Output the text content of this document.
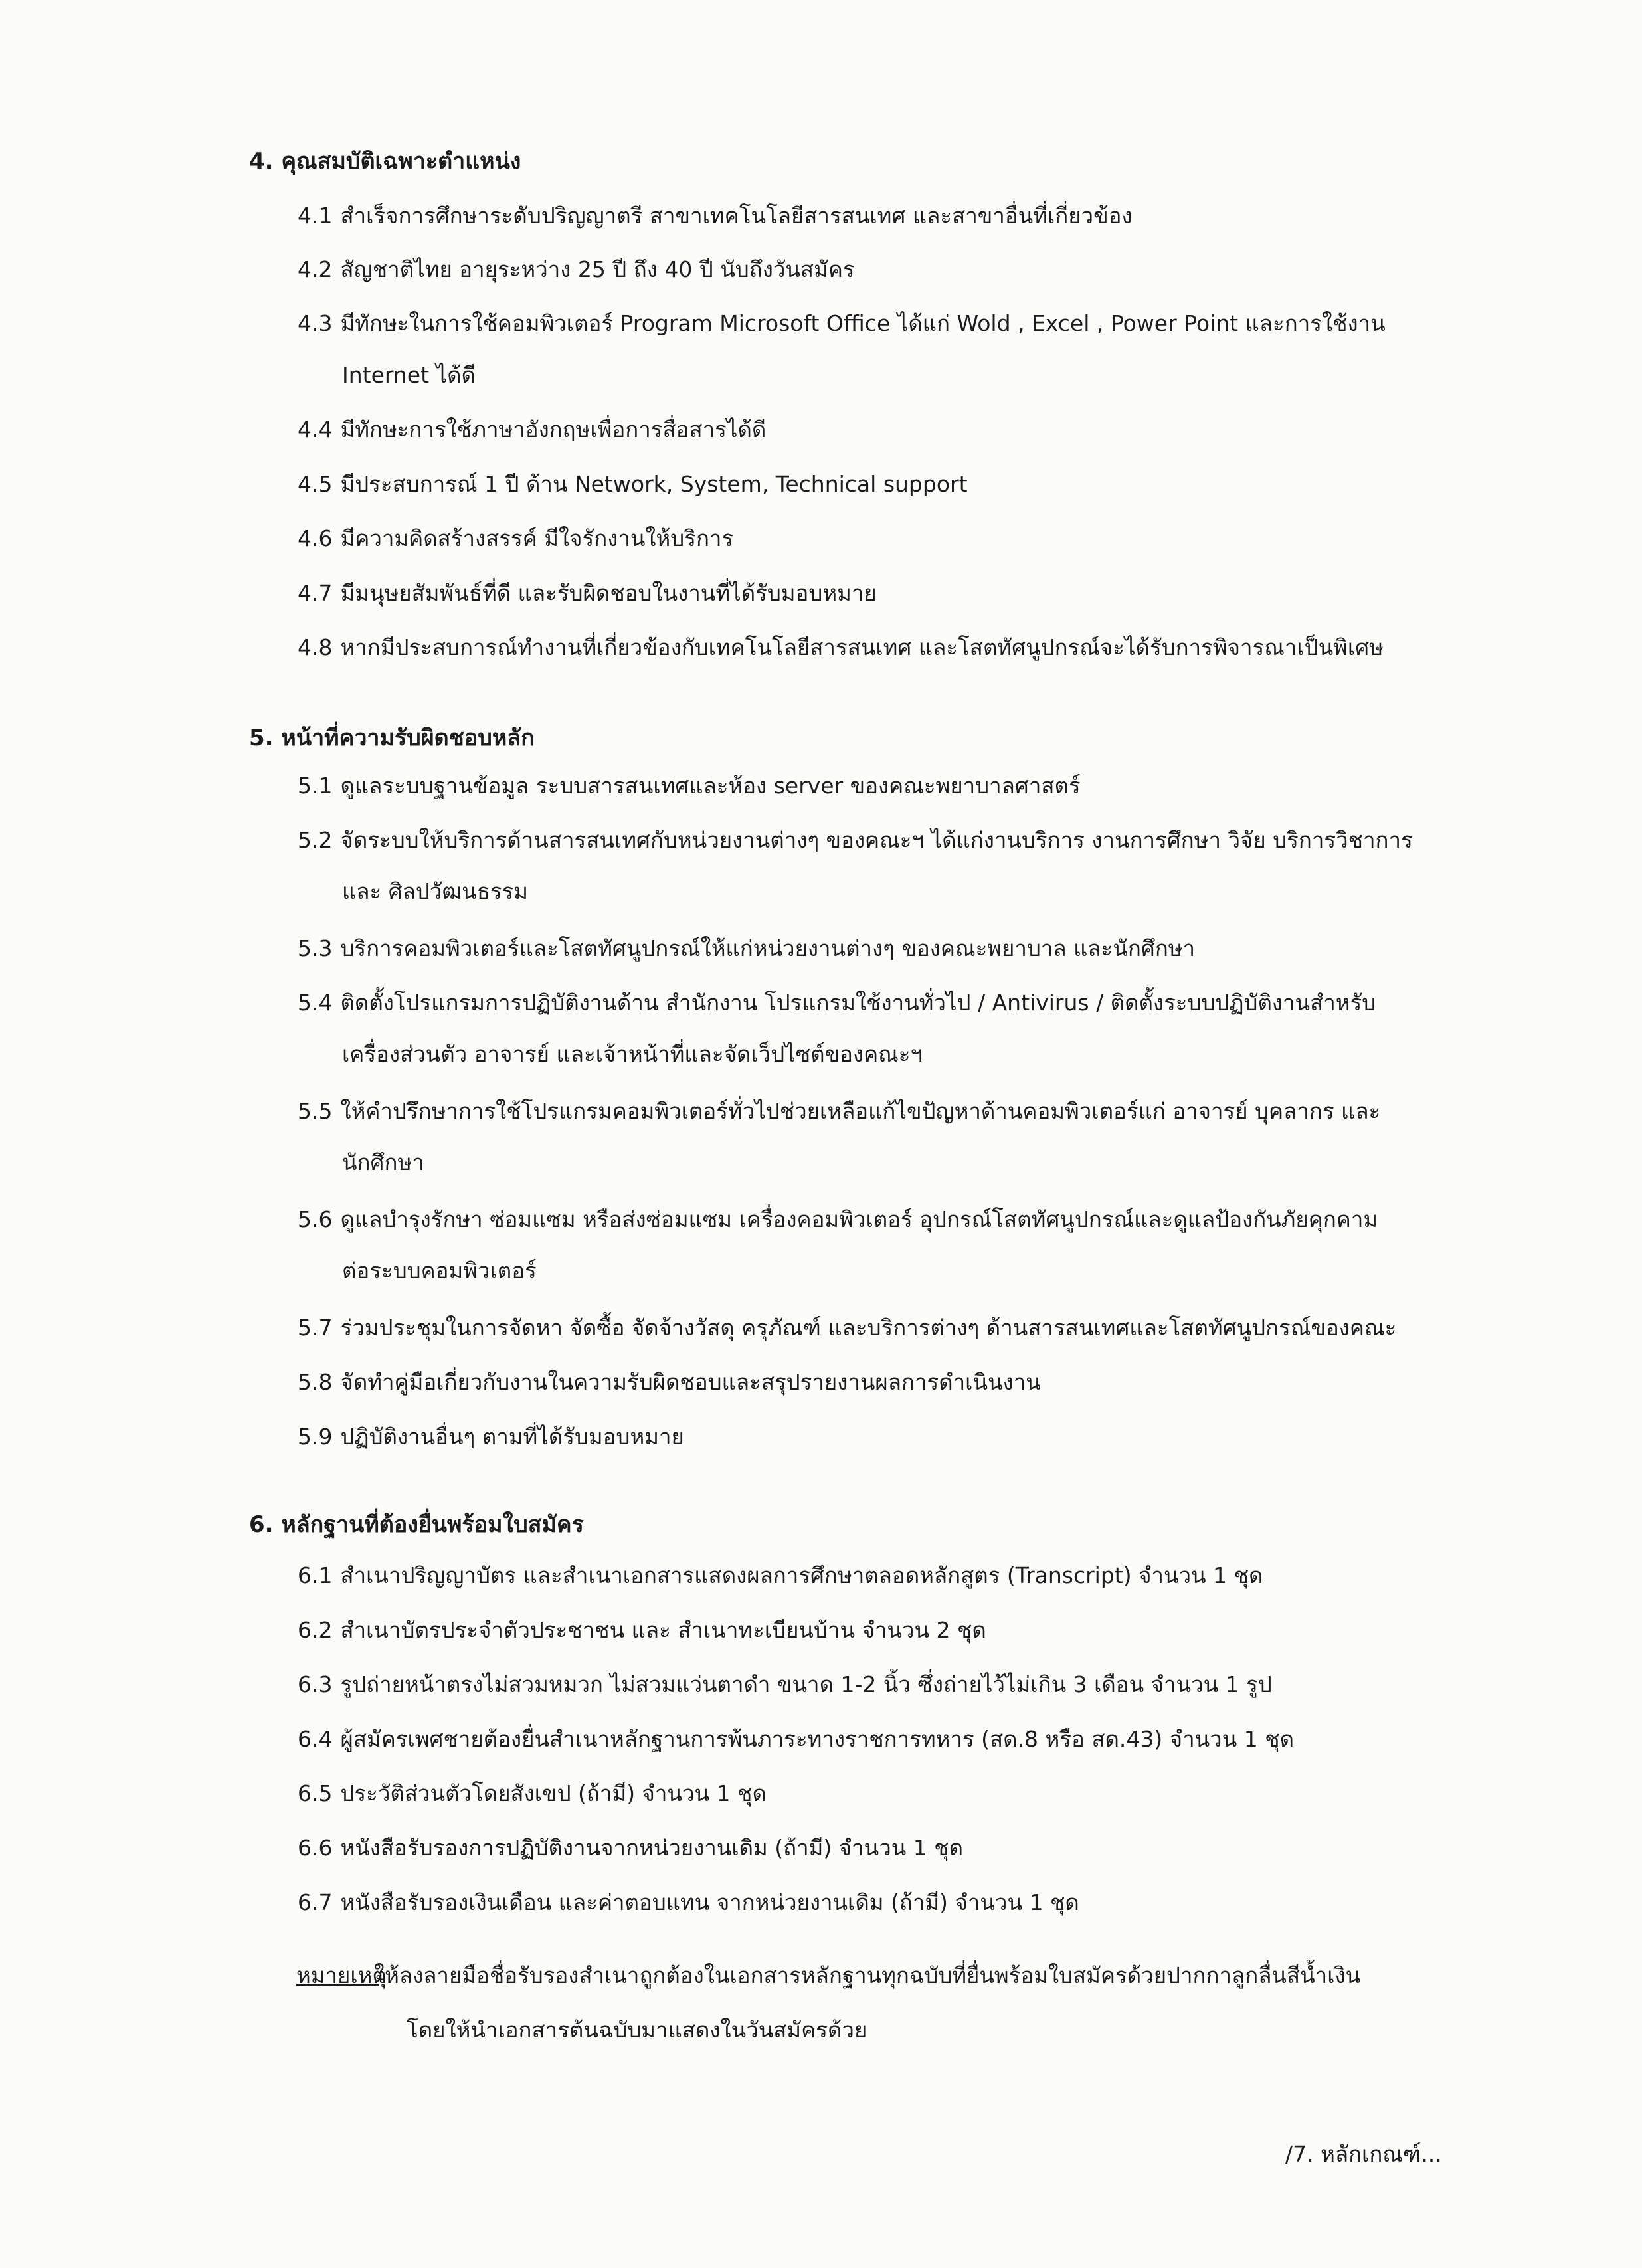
4. คุณสมบัติเฉพาะตำแหน่ง
4.1 สำเร็จการศึกษาระดับปริญญาตรี สาขาเทคโนโลยีสารสนเทศ และสาขาอื่นที่เกี่ยวข้อง
4.2 สัญชาติไทย อายุระหว่าง 25 ปี ถึง 40 ปี นับถึงวันสมัคร
4.3 มีทักษะในการใช้คอมพิวเตอร์ Program Microsoft Office ได้แก่ Wold , Excel , Power Point และการใช้งาน
Internet ได้ดี
4.4 มีทักษะการใช้ภาษาอังกฤษเพื่อการสื่อสารได้ดี
4.5 มีประสบการณ์ 1 ปี ด้าน Network, System, Technical support
4.6 มีความคิดสร้างสรรค์ มีใจรักงานให้บริการ
4.7 มีมนุษยสัมพันธ์ที่ดี และรับผิดชอบในงานที่ได้รับมอบหมาย
4.8 หากมีประสบการณ์ทำงานที่เกี่ยวข้องกับเทคโนโลยีสารสนเทศ และโสตทัศนูปกรณ์จะได้รับการพิจารณาเป็นพิเศษ
5. หน้าที่ความรับผิดชอบหลัก
5.1 ดูแลระบบฐานข้อมูล ระบบสารสนเทศและห้อง server ของคณะพยาบาลศาสตร์
5.2 จัดระบบให้บริการด้านสารสนเทศกับหน่วยงานต่างๆ ของคณะฯ ได้แก่งานบริการ งานการศึกษา วิจัย บริการวิชาการ
และ ศิลปวัฒนธรรม
5.3 บริการคอมพิวเตอร์และโสตทัศนูปกรณ์ให้แก่หน่วยงานต่างๆ ของคณะพยาบาล และนักศึกษา
5.4 ติดตั้งโปรแกรมการปฏิบัติงานด้าน สำนักงาน โปรแกรมใช้งานทั่วไป / Antivirus / ติดตั้งระบบปฏิบัติงานสำหรับ
เครื่องส่วนตัว อาจารย์ และเจ้าหน้าที่และจัดเว็ปไซต์ของคณะฯ
5.5 ให้คำปรึกษาการใช้โปรแกรมคอมพิวเตอร์ทั่วไปช่วยเหลือแก้ไขปัญหาด้านคอมพิวเตอร์แก่ อาจารย์ บุคลากร และ
นักศึกษา
5.6 ดูแลบำรุงรักษา ซ่อมแซม หรือส่งซ่อมแซม เครื่องคอมพิวเตอร์ อุปกรณ์โสตทัศนูปกรณ์และดูแลป้องกันภัยคุกคาม
ต่อระบบคอมพิวเตอร์
5.7 ร่วมประชุมในการจัดหา จัดซื้อ จัดจ้างวัสดุ ครุภัณฑ์ และบริการต่างๆ ด้านสารสนเทศและโสตทัศนูปกรณ์ของคณะ
5.8 จัดทำคู่มือเกี่ยวกับงานในความรับผิดชอบและสรุปรายงานผลการดำเนินงาน
5.9 ปฏิบัติงานอื่นๆ ตามที่ได้รับมอบหมาย
6. หลักฐานที่ต้องยื่นพร้อมใบสมัคร
6.1 สำเนาปริญญาบัตร และสำเนาเอกสารแสดงผลการศึกษาตลอดหลักสูตร (Transcript) จำนวน 1 ชุด
6.2 สำเนาบัตรประจำตัวประชาชน และ สำเนาทะเบียนบ้าน จำนวน 2 ชุด
6.3 รูปถ่ายหน้าตรงไม่สวมหมวก ไม่สวมแว่นตาดำ ขนาด 1-2 นิ้ว ซึ่งถ่ายไว้ไม่เกิน 3 เดือน จำนวน 1 รูป
6.4 ผู้สมัครเพศชายต้องยื่นสำเนาหลักฐานการพ้นภาระทางราชการทหาร (สด.8 หรือ สด.43) จำนวน 1 ชุด
6.5 ประวัติส่วนตัวโดยสังเขป (ถ้ามี) จำนวน 1 ชุด
6.6 หนังสือรับรองการปฏิบัติงานจากหน่วยงานเดิม (ถ้ามี) จำนวน 1 ชุด
6.7 หนังสือรับรองเงินเดือน และค่าตอบแทน จากหน่วยงานเดิม (ถ้ามี) จำนวน 1 ชุด
หมายเหตุ
ให้ลงลายมือชื่อรับรองสำเนาถูกต้องในเอกสารหลักฐานทุกฉบับที่ยื่นพร้อมใบสมัครด้วยปากกาลูกลื่นสีน้ำเงิน
โดยให้นำเอกสารต้นฉบับมาแสดงในวันสมัครด้วย
/7. หลักเกณฑ์...
